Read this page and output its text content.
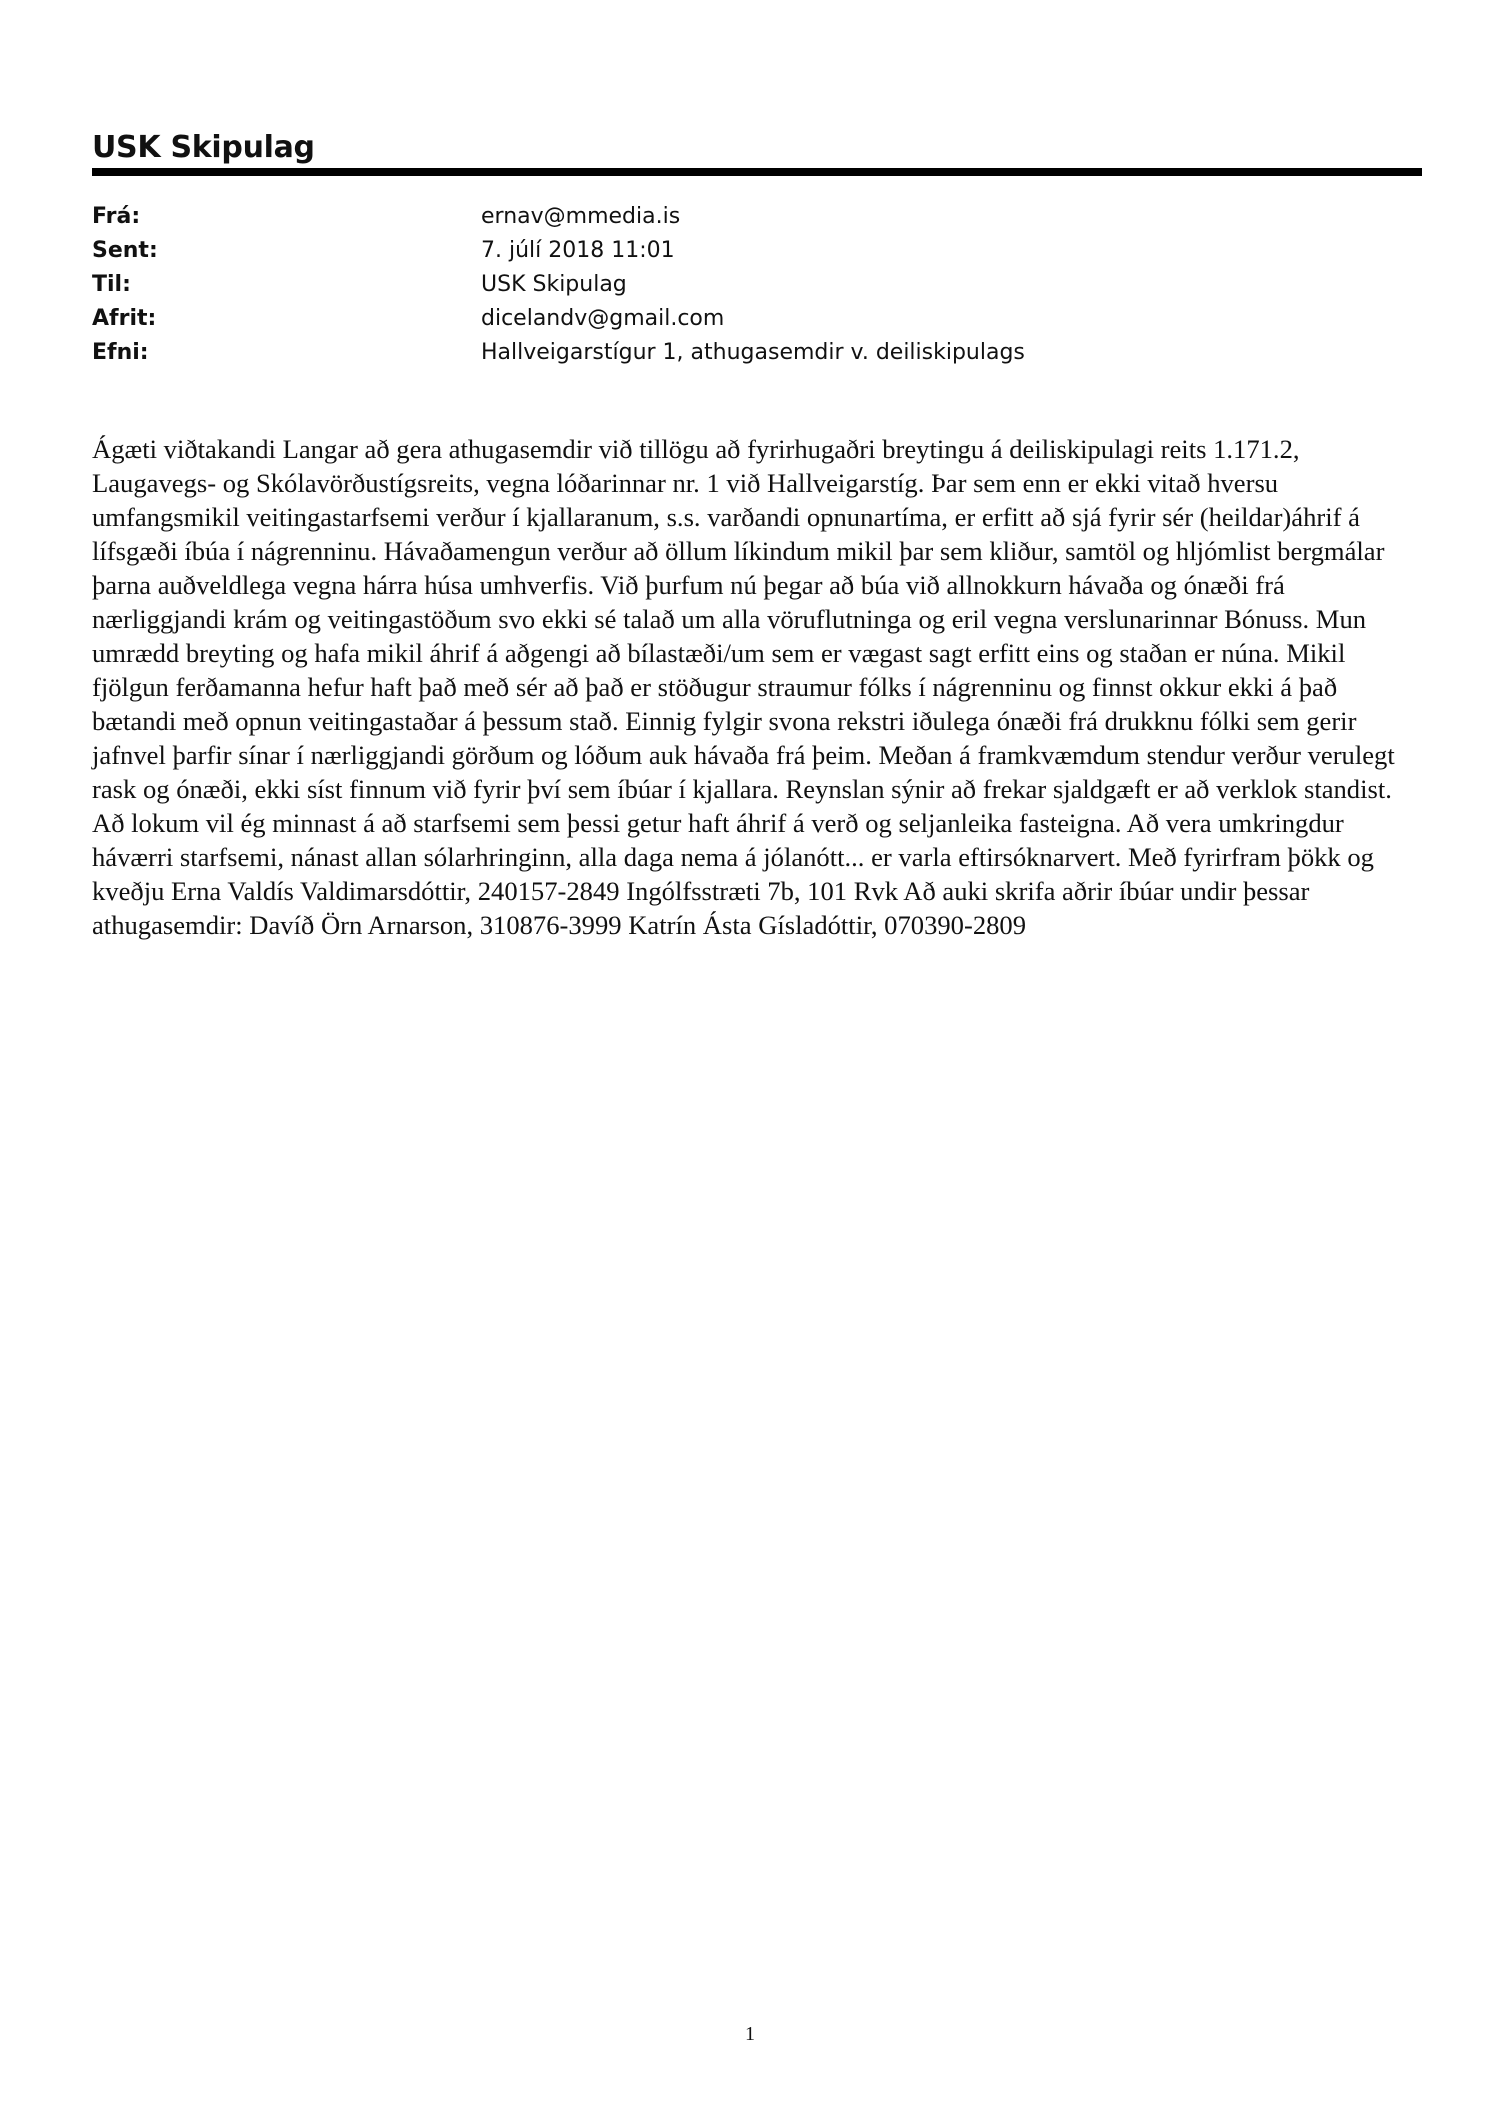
USK Skipulag
Frá:	ernav@mmedia.is
Sent:	7. júlí 2018 11:01
Til:	USK Skipulag
Afrit:	dicelandv@gmail.com
Efni:	Hallveigarstígur 1, athugasemdir v. deiliskipulags

Ágæti viðtakandi Langar að gera athugasemdir við tillögu að fyrirhugaðri breytingu á deiliskipulagi reits 1.171.2, Laugavegs- og Skólavörðustígsreits, vegna lóðarinnar nr. 1 við Hallveigarstíg. Þar sem enn er ekki vitað hversu umfangsmikil veitingastarfsemi verður í kjallaranum, s.s. varðandi opnunartíma, er erfitt að sjá fyrir sér (heildar)áhrif á lífsgæði íbúa í nágrenninu. Hávaðamengun verður að öllum líkindum mikil þar sem kliður, samtöl og hljómlist bergmálar þarna auðveldlega vegna hárra húsa umhverfis. Við þurfum nú þegar að búa við allnokkurn hávaða og ónæði frá nærliggjandi krám og veitingastöðum svo ekki sé talað um alla vöruflutninga og eril vegna verslunarinnar Bónuss. Mun umrædd breyting og hafa mikil áhrif á aðgengi að bílastæði/um sem er vægast sagt erfitt eins og staðan er núna. Mikil fjölgun ferðamanna hefur haft það með sér að það er stöðugur straumur fólks í nágrenninu og finnst okkur ekki á það bætandi með opnun veitingastaðar á þessum stað. Einnig fylgir svona rekstri iðulega ónæði frá drukknu fólki sem gerir jafnvel þarfir sínar í nærliggjandi görðum og lóðum auk hávaða frá þeim. Meðan á framkvæmdum stendur verður verulegt rask og ónæði, ekki síst finnum við fyrir því sem íbúar í kjallara. Reynslan sýnir að frekar sjaldgæft er að verklok standist. Að lokum vil ég minnast á að starfsemi sem þessi getur haft áhrif á verð og seljanleika fasteigna. Að vera umkringdur háværri starfsemi, nánast allan sólarhringinn, alla daga nema á jólanótt... er varla eftirsóknarvert. Með fyrirfram þökk og kveðju Erna Valdís Valdimarsdóttir, 240157-2849 Ingólfsstræti 7b, 101 Rvk Að auki skrifa aðrir íbúar undir þessar athugasemdir: Davíð Örn Arnarson, 310876-3999 Katrín Ásta Gísladóttir, 070390-2809

1
